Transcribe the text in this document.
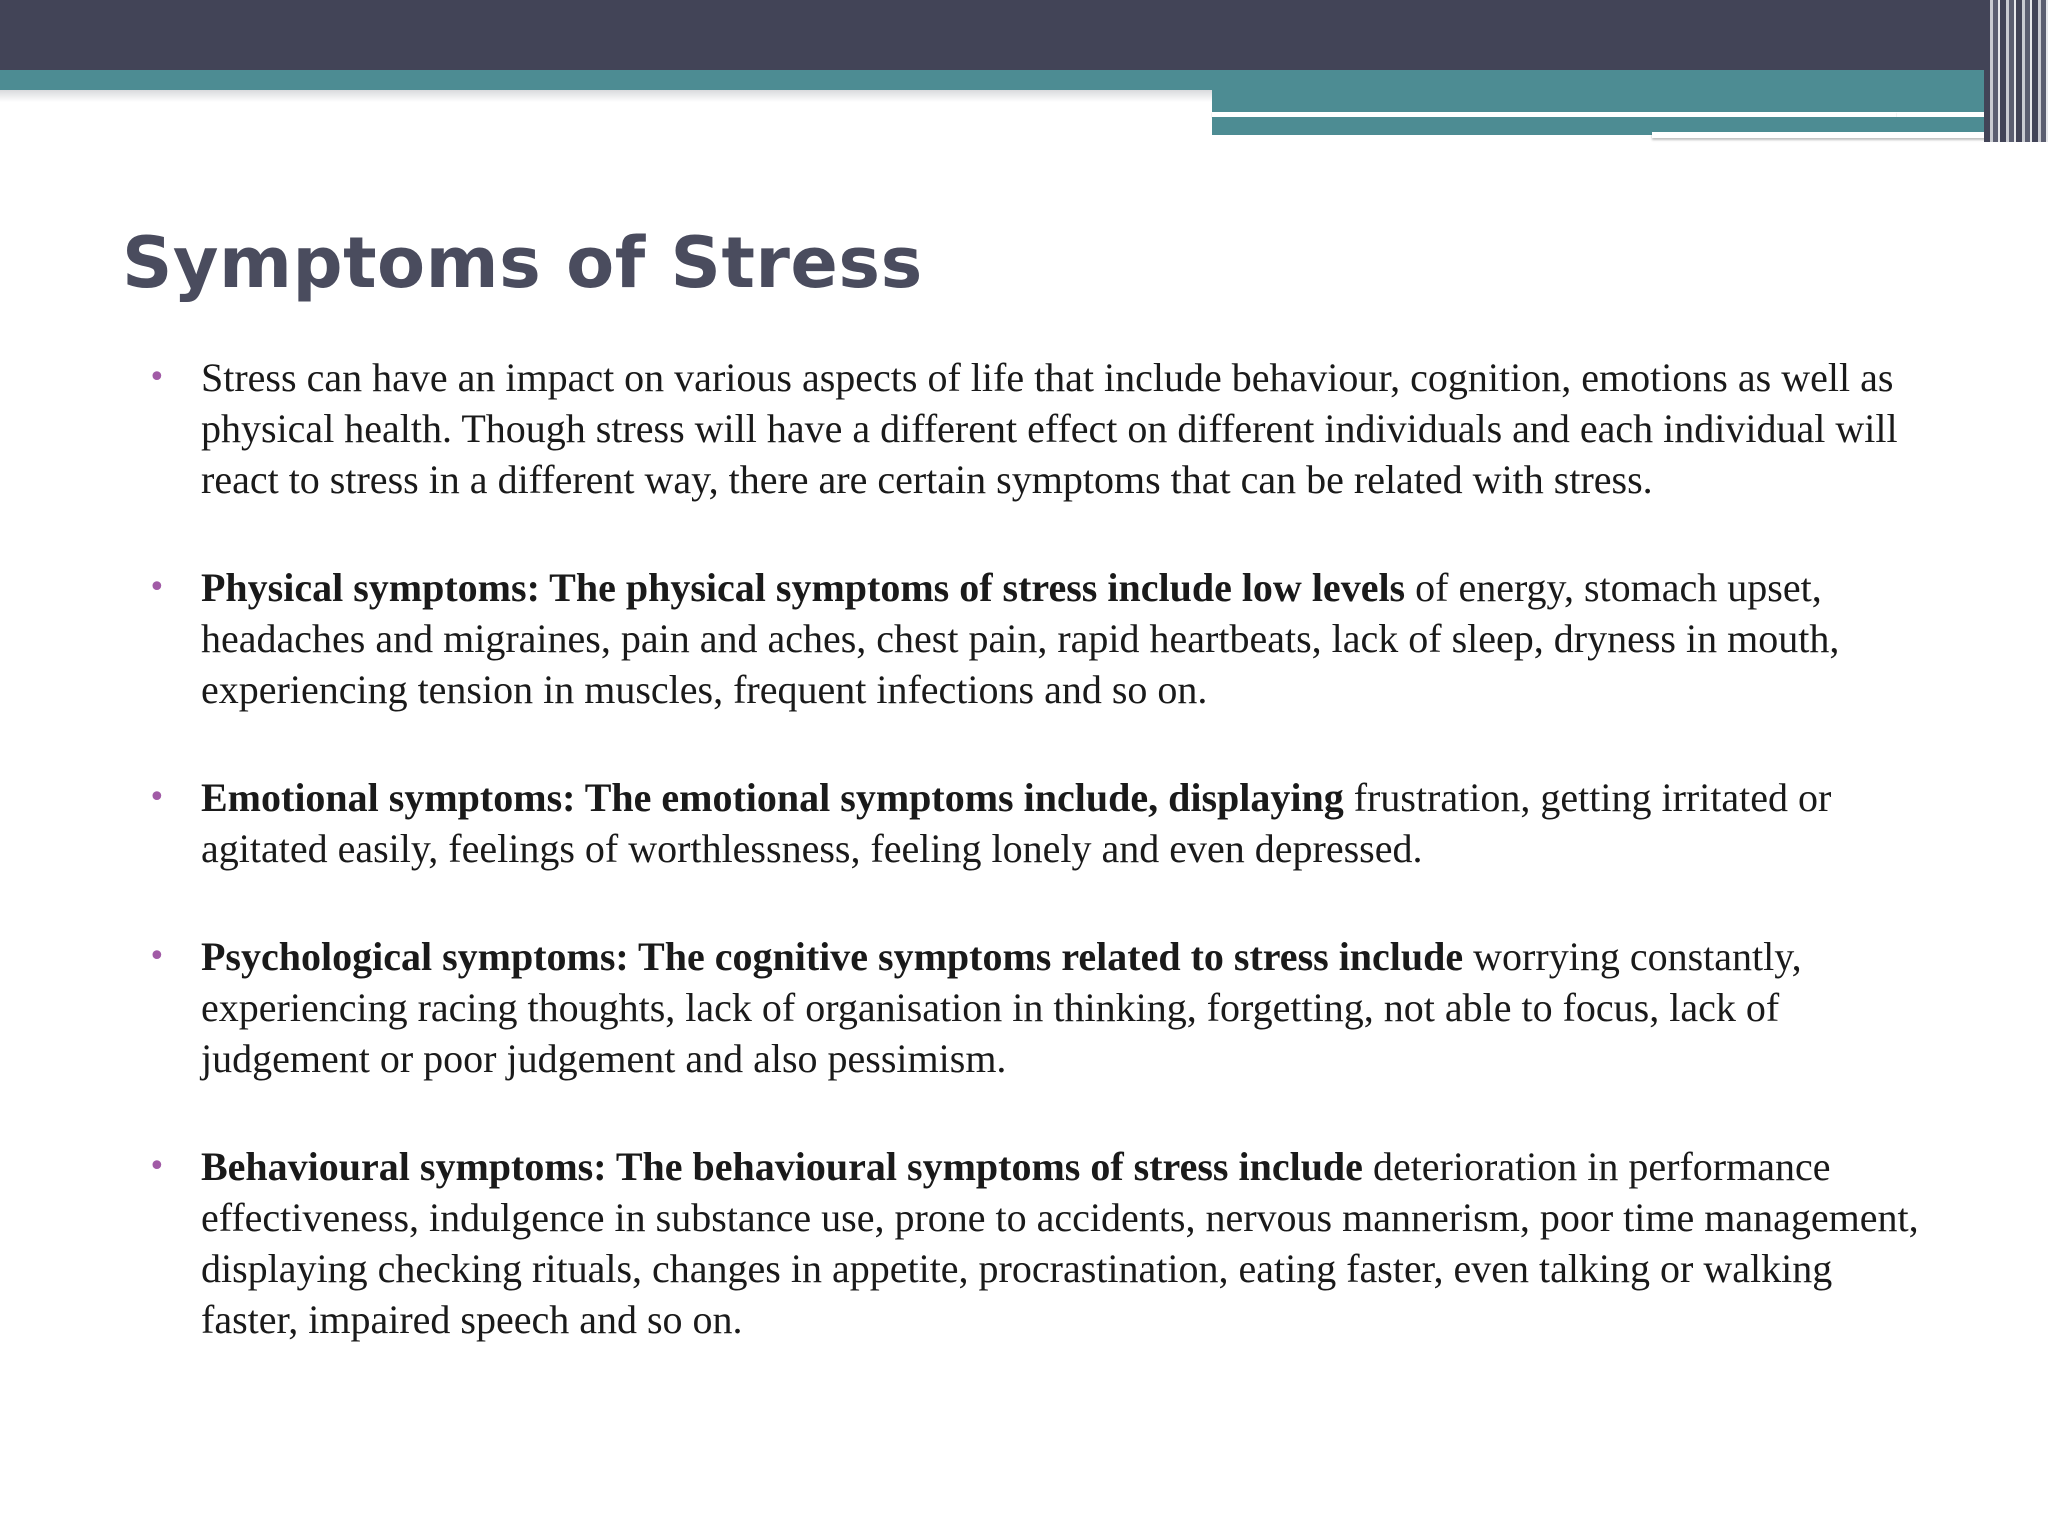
Symptoms of Stress
• Stress can have an impact on various aspects of life that include behaviour, cognition, emotions as well as physical health. Though stress will have a different effect on different individuals and each individual will react to stress in a different way, there are certain symptoms that can be related with stress.
• Physical symptoms: The physical symptoms of stress include low levels of energy, stomach upset, headaches and migraines, pain and aches, chest pain, rapid heartbeats, lack of sleep, dryness in mouth, experiencing tension in muscles, frequent infections and so on.
• Emotional symptoms: The emotional symptoms include, displaying frustration, getting irritated or agitated easily, feelings of worthlessness, feeling lonely and even depressed.
• Psychological symptoms: The cognitive symptoms related to stress include worrying constantly, experiencing racing thoughts, lack of organisation in thinking, forgetting, not able to focus, lack of judgement or poor judgement and also pessimism.
• Behavioural symptoms: The behavioural symptoms of stress include deterioration in performance effectiveness, indulgence in substance use, prone to accidents, nervous mannerism, poor time management, displaying checking rituals, changes in appetite, procrastination, eating faster, even talking or walking faster, impaired speech and so on.
